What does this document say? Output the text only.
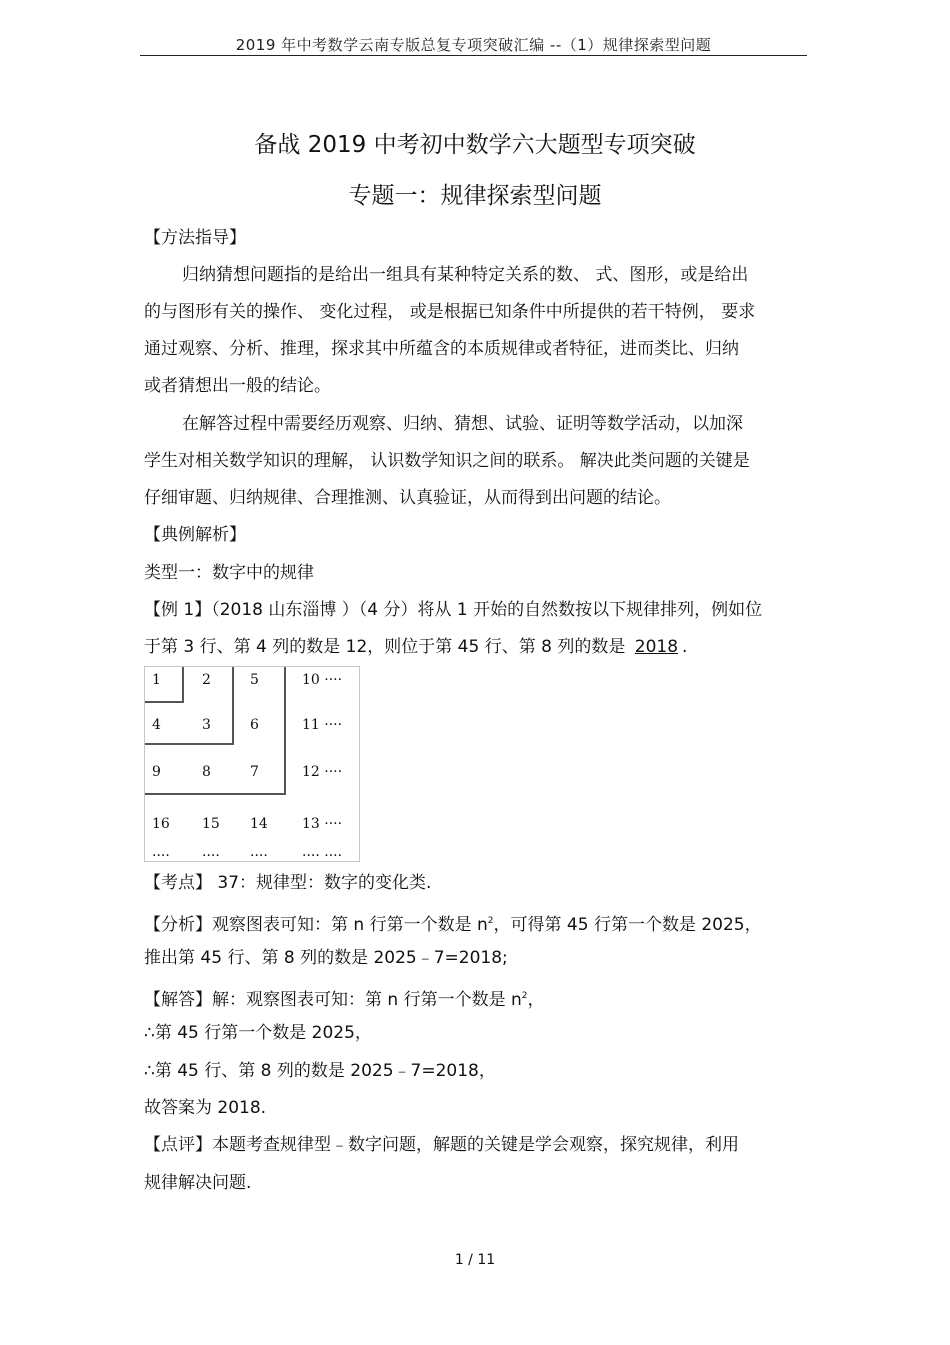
2019 年中考数学云南专版总复专项突破汇编 --（1）规律探索型问题
备战 2019 中考初中数学六大题型专项突破
专题一：规律探索型问题
【方法指导】
归纳猜想问题指的是给出一组具有某种特定关系的数、 式、图形，或是给出
的与图形有关的操作、 变化过程， 或是根据已知条件中所提供的若干特例， 要求
通过观察、分析、推理，探求其中所蕴含的本质规律或者特征，进而类比、归纳
或者猜想出一般的结论。
在解答过程中需要经历观察、归纳、猜想、试验、证明等数学活动，以加深
学生对相关数学知识的理解， 认识数学知识之间的联系。 解决此类问题的关键是
仔细审题、归纳规律、合理推测、认真验证，从而得到出问题的结论。
【典例解析】
类型一：数字中的规律
【例 1】（2018 山东淄博 ）（4 分）将从 1 开始的自然数按以下规律排列，例如位
于第 3 行、第 4 列的数是 12，则位于第 45 行、第 8 列的数是 2018 .
1	2	5	10 ····
4	3	6	11 ····
9	8	7	12 ····
16 15 14 13 ····
···· ···· ···· ···· ····
【考点】 37：规律型：数字的变化类.
【分析】观察图表可知：第 n 行第一个数是 $n^2$，可得第 45 行第一个数是 2025，
推出第 45 行、第 8 列的数是 2025﹣7=2018;
【解答】解：观察图表可知：第 n 行第一个数是 $n^2$，
∴第 45 行第一个数是 2025，
∴第 45 行、第 8 列的数是 2025﹣7=2018，
故答案为 2018.
【点评】本题考查规律型﹣数字问题，解题的关键是学会观察，探究规律，利用
规律解决问题.
1 / 11
